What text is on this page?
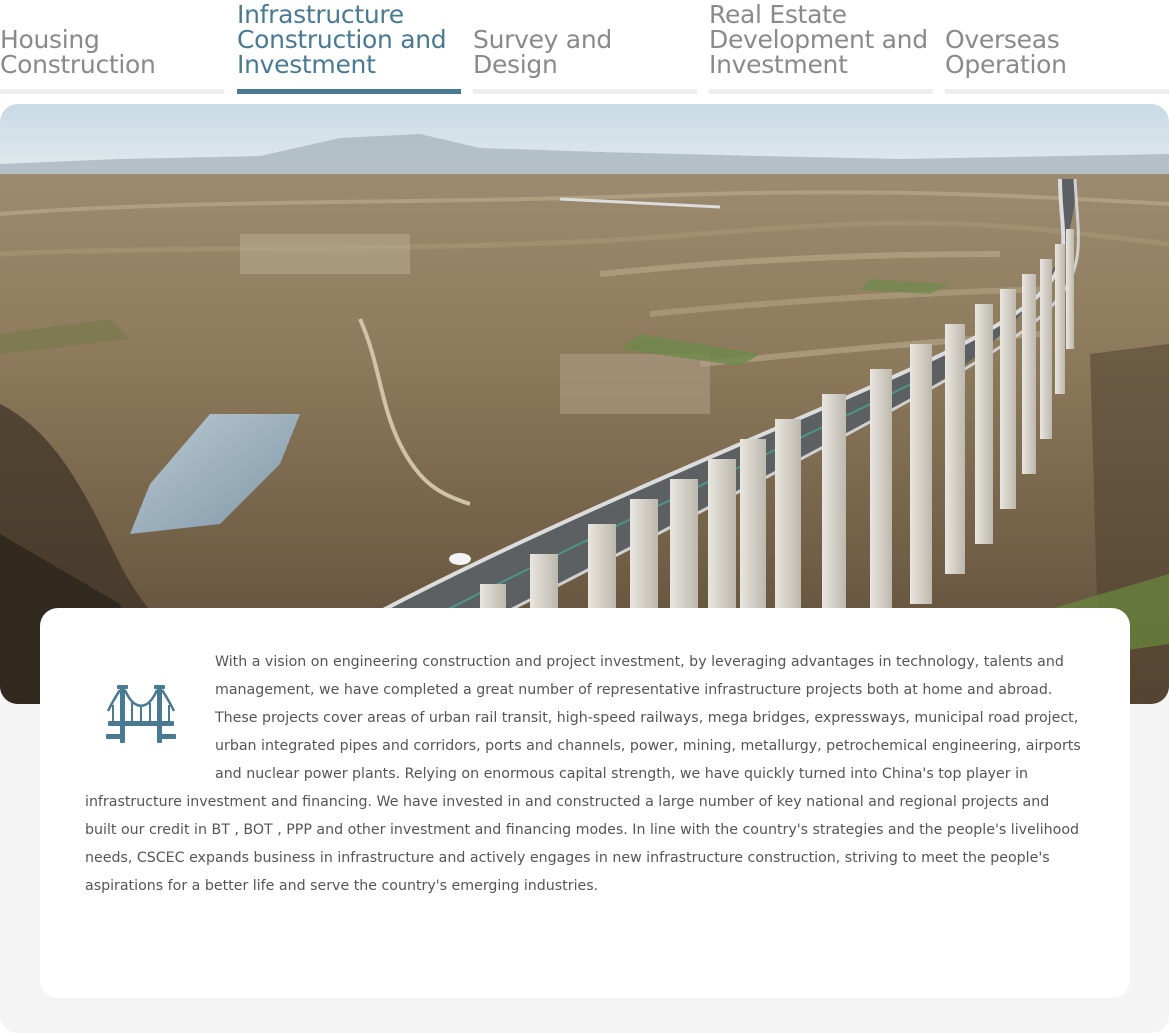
Housing
Construction
Infrastructure
Construction and
Investment
Survey and
Design
Real Estate
Development and
Investment
Overseas
Operation

With a vision on engineering construction and project investment, by leveraging advantages in technology, talents and management, we have completed a great number of representative infrastructure projects both at home and abroad. These projects cover areas of urban rail transit, high-speed railways, mega bridges, expressways, municipal road project, urban integrated pipes and corridors, ports and channels, power, mining, metallurgy, petrochemical engineering, airports and nuclear power plants. Relying on enormous capital strength, we have quickly turned into China's top player in infrastructure investment and financing. We have invested in and constructed a large number of key national and regional projects and built our credit in BT , BOT , PPP and other investment and financing modes. In line with the country's strategies and the people's livelihood needs, CSCEC expands business in infrastructure and actively engages in new infrastructure construction, striving to meet the people's aspirations for a better life and serve the country's emerging industries.
